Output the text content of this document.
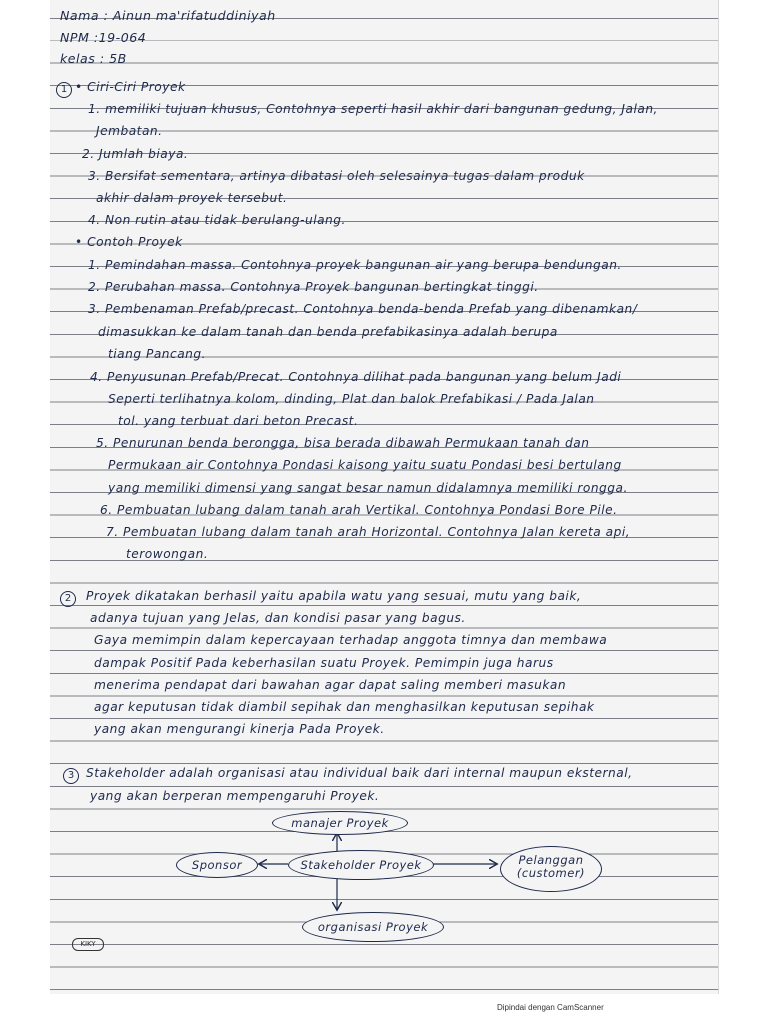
Nama : Ainun ma'rifatuddiniyah

NPM :19-064

kelas : 5B

1 • Ciri-Ciri Proyek

1. memiliki tujuan khusus, Contohnya seperti hasil akhir dari bangunan gedung, Jalan,

Jembatan.

2. Jumlah biaya.

3. Bersifat sementara, artinya dibatasi oleh selesainya tugas dalam produk

akhir dalam proyek tersebut.

4. Non rutin atau tidak berulang-ulang.

• Contoh Proyek

1. Pemindahan massa. Contohnya proyek bangunan air yang berupa bendungan.

2. Perubahan massa. Contohnya Proyek bangunan bertingkat tinggi.

3. Pembenaman Prefab/precast. Contohnya benda-benda Prefab yang dibenamkan/

dimasukkan ke dalam tanah dan benda prefabikasinya adalah berupa

tiang Pancang.

4. Penyusunan Prefab/Precat. Contohnya dilihat pada bangunan yang belum Jadi

Seperti terlihatnya kolom, dinding, Plat dan balok Prefabikasi / Pada Jalan

tol. yang terbuat dari beton Precast.

5. Penurunan benda berongga, bisa berada dibawah Permukaan tanah dan

Permukaan air Contohnya Pondasi kaisong yaitu suatu Pondasi besi bertulang

yang memiliki dimensi yang sangat besar namun didalamnya memiliki rongga.

6. Pembuatan lubang dalam tanah arah Vertikal. Contohnya Pondasi Bore Pile.

7. Pembuatan lubang dalam tanah arah Horizontal. Contohnya Jalan kereta api,

terowongan.

2	Proyek dikatakan berhasil yaitu apabila watu yang sesuai, mutu yang baik,

adanya tujuan yang Jelas, dan kondisi pasar yang bagus.

Gaya memimpin dalam kepercayaan terhadap anggota timnya dan membawa

dampak Positif Pada keberhasilan suatu Proyek. Pemimpin juga harus

menerima pendapat dari bawahan agar dapat saling memberi masukan

agar keputusan tidak diambil sepihak dan menghasilkan keputusan sepihak

yang akan mengurangi kinerja Pada Proyek.

3 Stakeholder adalah organisasi atau individual baik dari internal maupun eksternal,

yang akan berperan mempengaruhi Proyek.

manajer Proyek
Sponsor	Stakeholder Proyek	Pelanggan
(customer)
organisasi Proyek
KIKY
Dipindai dengan CamScanner
